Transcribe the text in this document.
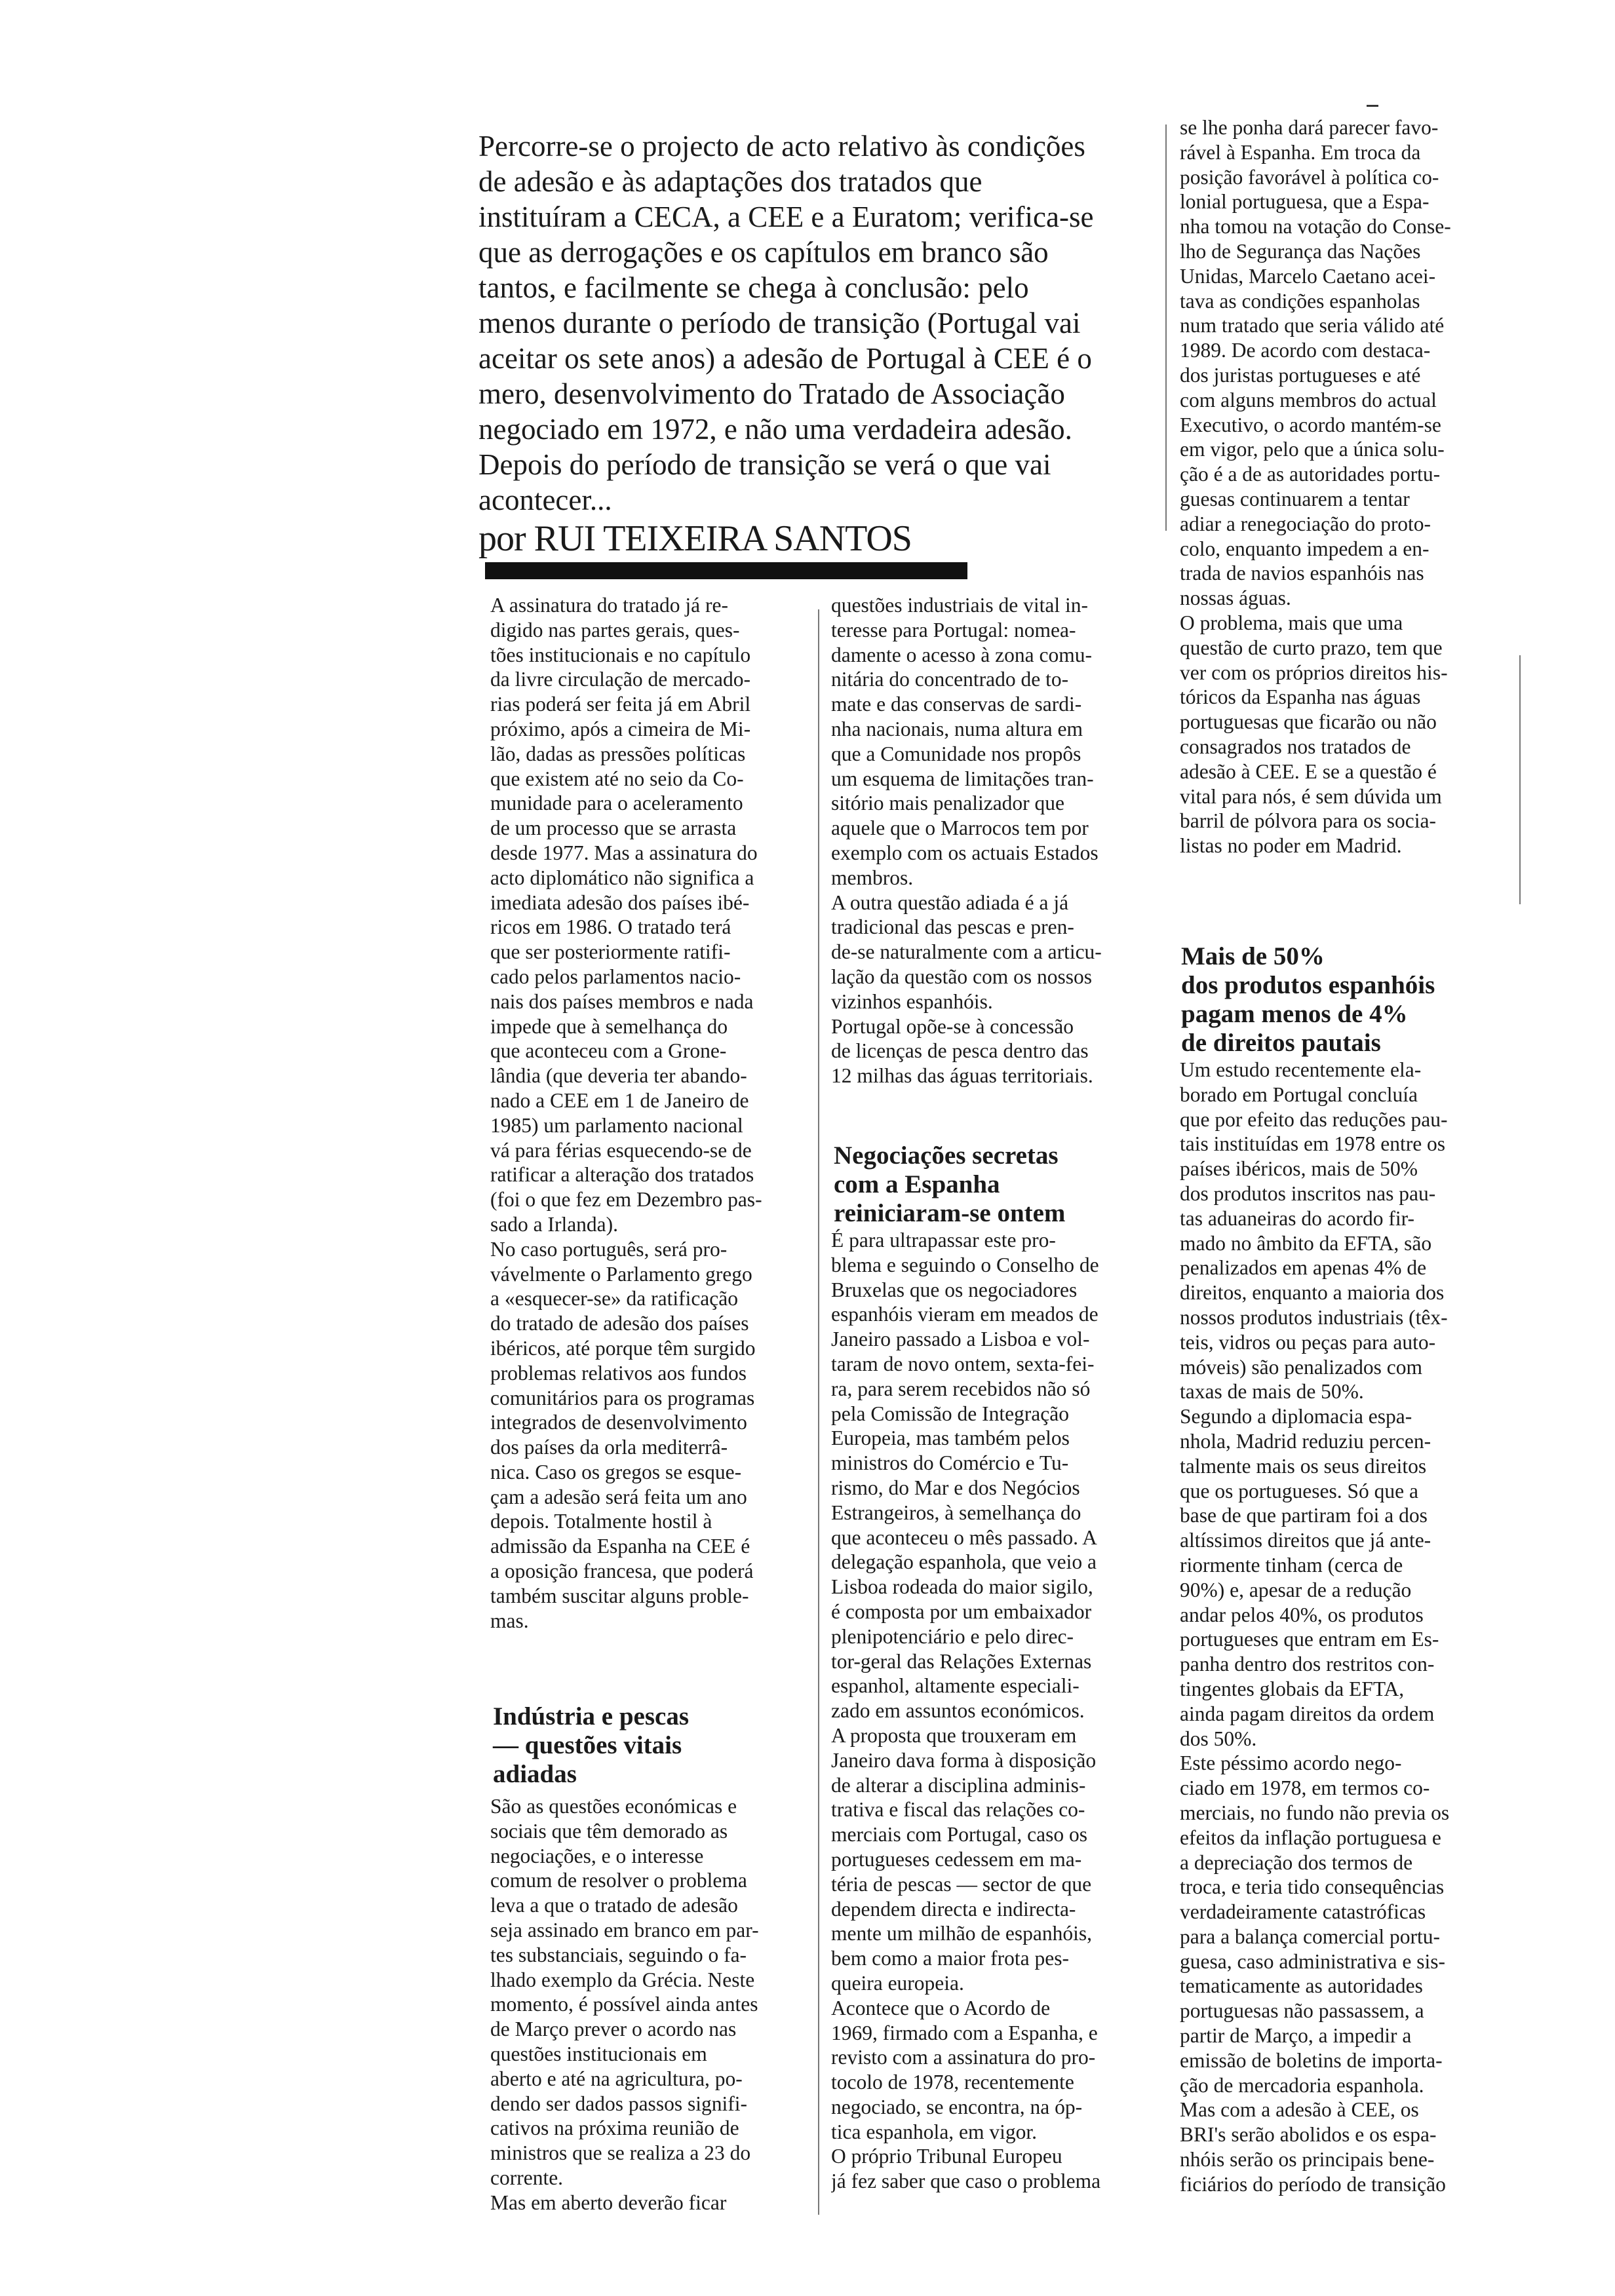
Percorre-se o projecto de acto relativo às condições
de adesão e às adaptações dos tratados que
instituíram a CECA, a CEE e a Euratom; verifica-se
que as derrogações e os capítulos em branco são
tantos, e facilmente se chega à conclusão: pelo
menos durante o período de transição (Portugal vai
aceitar os sete anos) a adesão de Portugal à CEE é o
mero, desenvolvimento do Tratado de Associação
negociado em 1972, e não uma verdadeira adesão.
Depois do período de transição se verá o que vai
acontecer...
por RUI TEIXEIRA SANTOS
A assinatura do tratado já re-
digido nas partes gerais, ques-
tões institucionais e no capítulo
da livre circulação de mercado-
rias poderá ser feita já em Abril
próximo, após a cimeira de Mi-
lão, dadas as pressões políticas
que existem até no seio da Co-
munidade para o aceleramento
de um processo que se arrasta
desde 1977. Mas a assinatura do
acto diplomático não significa a
imediata adesão dos países ibé-
ricos em 1986. O tratado terá
que ser posteriormente ratifi-
cado pelos parlamentos nacio-
nais dos países membros e nada
impede que à semelhança do
que aconteceu com a Grone-
lândia (que deveria ter abando-
nado a CEE em 1 de Janeiro de
1985) um parlamento nacional
vá para férias esquecendo-se de
ratificar a alteração dos tratados
(foi o que fez em Dezembro pas-
sado a Irlanda).
No caso português, será pro-
vávelmente o Parlamento grego
a «esquecer-se» da ratificação
do tratado de adesão dos países
ibéricos, até porque têm surgido
problemas relativos aos fundos
comunitários para os programas
integrados de desenvolvimento
dos países da orla mediterrâ-
nica. Caso os gregos se esque-
çam a adesão será feita um ano
depois. Totalmente hostil à
admissão da Espanha na CEE é
a oposição francesa, que poderá
também suscitar alguns proble-
mas.
Indústria e pescas
— questões vitais
adiadas
São as questões económicas e
sociais que têm demorado as
negociações, e o interesse
comum de resolver o problema
leva a que o tratado de adesão
seja assinado em branco em par-
tes substanciais, seguindo o fa-
lhado exemplo da Grécia. Neste
momento, é possível ainda antes
de Março prever o acordo nas
questões institucionais em
aberto e até na agricultura, po-
dendo ser dados passos signifi-
cativos na próxima reunião de
ministros que se realiza a 23 do
corrente.
Mas em aberto deverão ficar
questões industriais de vital in-
teresse para Portugal: nomea-
damente o acesso à zona comu-
nitária do concentrado de to-
mate e das conservas de sardi-
nha nacionais, numa altura em
que a Comunidade nos propôs
um esquema de limitações tran-
sitório mais penalizador que
aquele que o Marrocos tem por
exemplo com os actuais Estados
membros.
A outra questão adiada é a já
tradicional das pescas e pren-
de-se naturalmente com a articu-
lação da questão com os nossos
vizinhos espanhóis.
Portugal opõe-se à concessão
de licenças de pesca dentro das
12 milhas das águas territoriais.
Negociações secretas
com a Espanha
reiniciaram-se ontem
É para ultrapassar este pro-
blema e seguindo o Conselho de
Bruxelas que os negociadores
espanhóis vieram em meados de
Janeiro passado a Lisboa e vol-
taram de novo ontem, sexta-fei-
ra, para serem recebidos não só
pela Comissão de Integração
Europeia, mas também pelos
ministros do Comércio e Tu-
rismo, do Mar e dos Negócios
Estrangeiros, à semelhança do
que aconteceu o mês passado. A
delegação espanhola, que veio a
Lisboa rodeada do maior sigilo,
é composta por um embaixador
plenipotenciário e pelo direc-
tor-geral das Relações Externas
espanhol, altamente especiali-
zado em assuntos económicos.
A proposta que trouxeram em
Janeiro dava forma à disposição
de alterar a disciplina adminis-
trativa e fiscal das relações co-
merciais com Portugal, caso os
portugueses cedessem em ma-
téria de pescas — sector de que
dependem directa e indirecta-
mente um milhão de espanhóis,
bem como a maior frota pes-
queira europeia.
Acontece que o Acordo de
1969, firmado com a Espanha, e
revisto com a assinatura do pro-
tocolo de 1978, recentemente
negociado, se encontra, na óp-
tica espanhola, em vigor.
O próprio Tribunal Europeu
já fez saber que caso o problema
se lhe ponha dará parecer favo-
rável à Espanha. Em troca da
posição favorável à política co-
lonial portuguesa, que a Espa-
nha tomou na votação do Conse-
lho de Segurança das Nações
Unidas, Marcelo Caetano acei-
tava as condições espanholas
num tratado que seria válido até
1989. De acordo com destaca-
dos juristas portugueses e até
com alguns membros do actual
Executivo, o acordo mantém-se
em vigor, pelo que a única solu-
ção é a de as autoridades portu-
guesas continuarem a tentar
adiar a renegociação do proto-
colo, enquanto impedem a en-
trada de navios espanhóis nas
nossas águas.
O problema, mais que uma
questão de curto prazo, tem que
ver com os próprios direitos his-
tóricos da Espanha nas águas
portuguesas que ficarão ou não
consagrados nos tratados de
adesão à CEE. E se a questão é
vital para nós, é sem dúvida um
barril de pólvora para os socia-
listas no poder em Madrid.
Mais de 50%
dos produtos espanhóis
pagam menos de 4%
de direitos pautais
Um estudo recentemente ela-
borado em Portugal concluía
que por efeito das reduções pau-
tais instituídas em 1978 entre os
países ibéricos, mais de 50%
dos produtos inscritos nas pau-
tas aduaneiras do acordo fir-
mado no âmbito da EFTA, são
penalizados em apenas 4% de
direitos, enquanto a maioria dos
nossos produtos industriais (têx-
teis, vidros ou peças para auto-
móveis) são penalizados com
taxas de mais de 50%.
Segundo a diplomacia espa-
nhola, Madrid reduziu percen-
talmente mais os seus direitos
que os portugueses. Só que a
base de que partiram foi a dos
altíssimos direitos que já ante-
riormente tinham (cerca de
90%) e, apesar de a redução
andar pelos 40%, os produtos
portugueses que entram em Es-
panha dentro dos restritos con-
tingentes globais da EFTA,
ainda pagam direitos da ordem
dos 50%.
Este péssimo acordo nego-
ciado em 1978, em termos co-
merciais, no fundo não previa os
efeitos da inflação portuguesa e
a depreciação dos termos de
troca, e teria tido consequências
verdadeiramente catastróficas
para a balança comercial portu-
guesa, caso administrativa e sis-
tematicamente as autoridades
portuguesas não passassem, a
partir de Março, a impedir a
emissão de boletins de importa-
ção de mercadoria espanhola.
Mas com a adesão à CEE, os
BRI's serão abolidos e os espa-
nhóis serão os principais bene-
ficiários do período de transição
